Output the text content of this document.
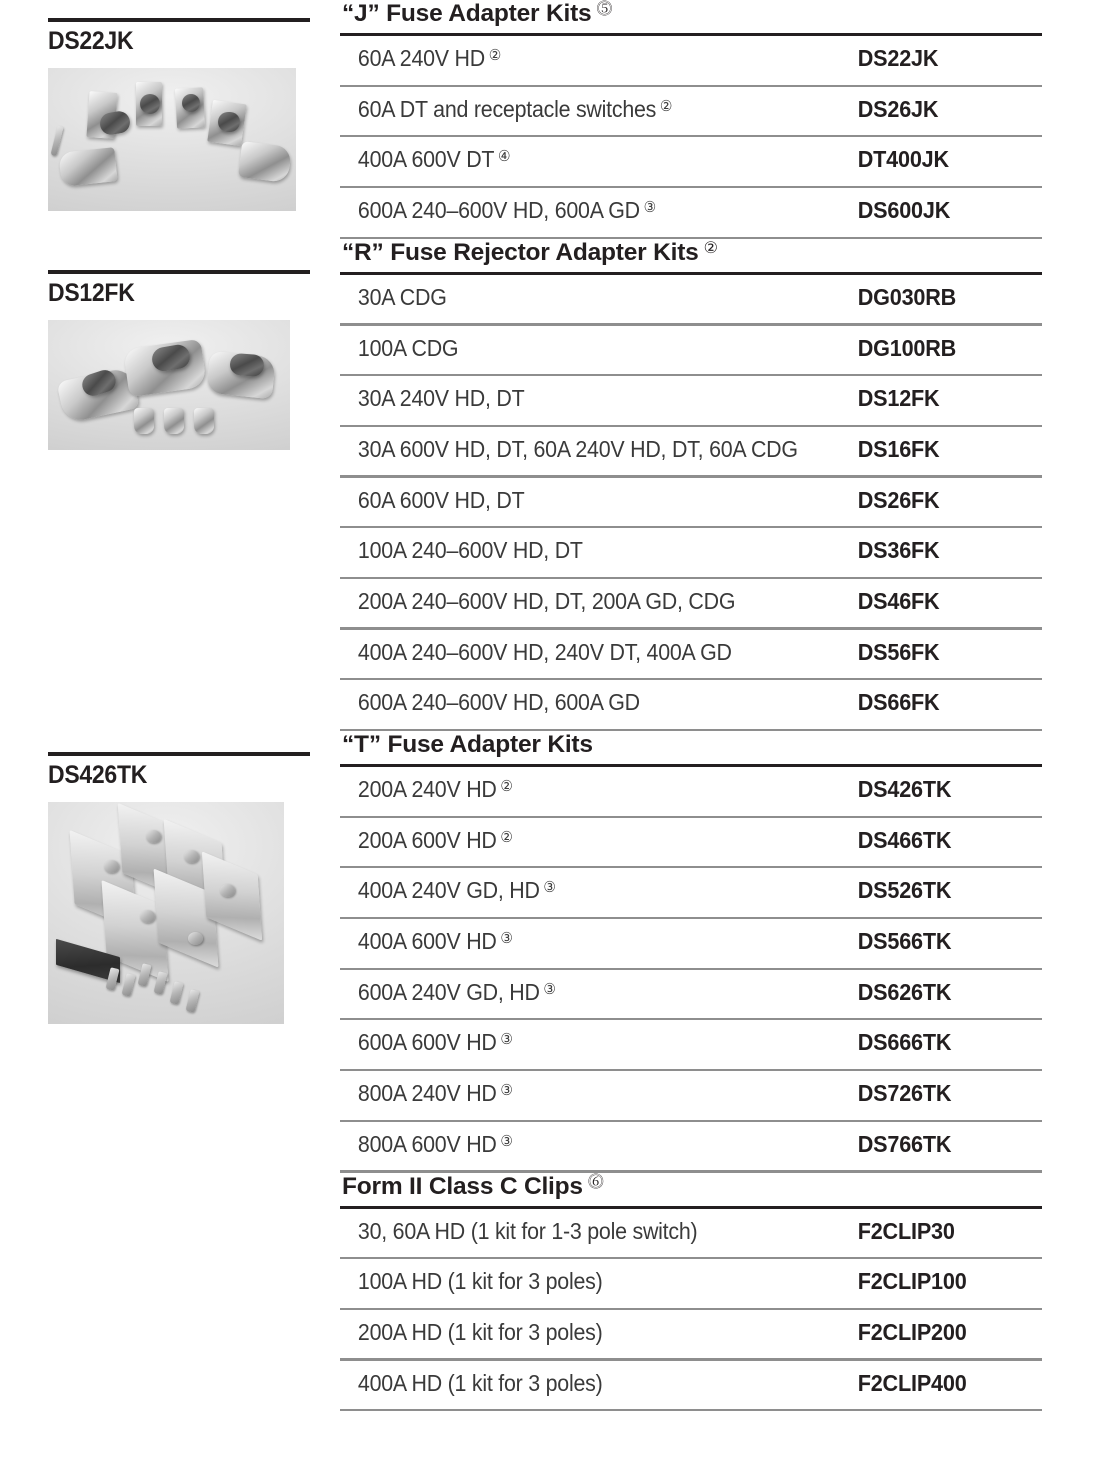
DS22JK
DS12FK
DS426TK
“J” Fuse Adapter Kits ⓹
60A 240V HD ②	DS22JK
60A DT and receptacle switches ②	DS26JK
400A 600V DT ④	DT400JK
600A 240–600V HD, 600A GD ③	DS600JK
“R” Fuse Rejector Adapter Kits ②
30A CDG	DG030RB
100A CDG	DG100RB
30A 240V HD, DT	DS12FK
30A 600V HD, DT, 60A 240V HD, DT, 60A CDG	DS16FK
60A 600V HD, DT	DS26FK
100A 240–600V HD, DT	DS36FK
200A 240–600V HD, DT, 200A GD, CDG	DS46FK
400A 240–600V HD, 240V DT, 400A GD	DS56FK
600A 240–600V HD, 600A GD	DS66FK
“T” Fuse Adapter Kits
200A 240V HD ②	DS426TK
200A 600V HD ②	DS466TK
400A 240V GD, HD ③	DS526TK
400A 600V HD ③	DS566TK
600A 240V GD, HD ③	DS626TK
600A 600V HD ③	DS666TK
800A 240V HD ③	DS726TK
800A 600V HD ③	DS766TK
Form II Class C Clips ⓺
30, 60A HD (1 kit for 1-3 pole switch)	F2CLIP30
100A HD (1 kit for 3 poles)	F2CLIP100
200A HD (1 kit for 3 poles)	F2CLIP200
400A HD (1 kit for 3 poles)	F2CLIP400
